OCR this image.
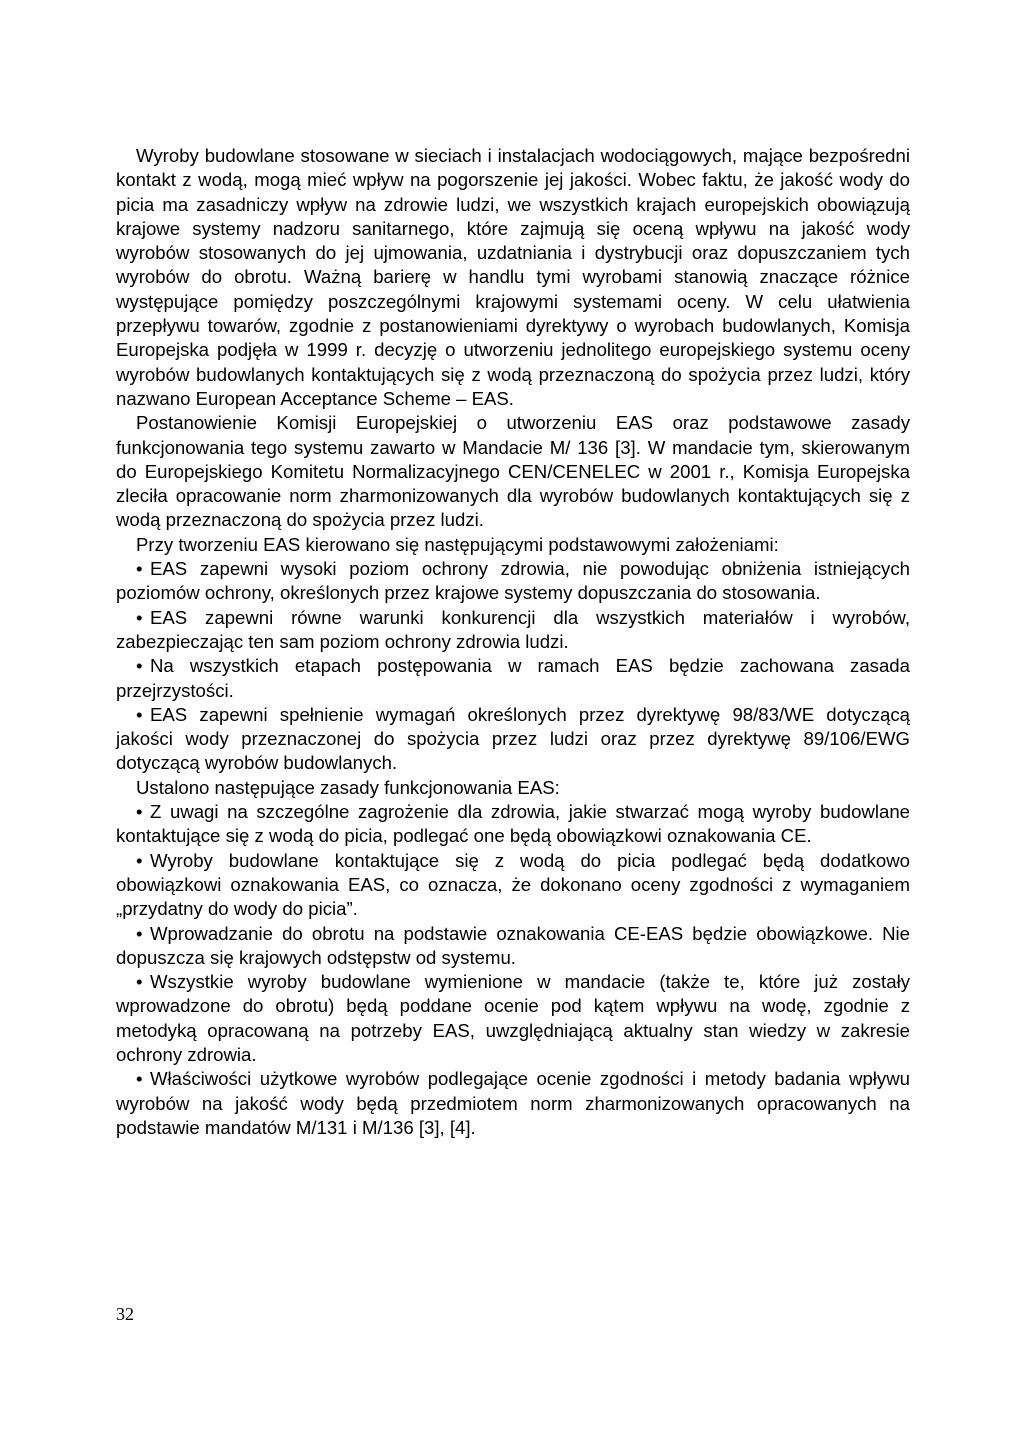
Wyroby budowlane stosowane w sieciach i instalacjach wodociągowych, mające bezpośredni kontakt z wodą, mogą mieć wpływ na pogorszenie jej jakości. Wobec faktu, że jakość wody do picia ma zasadniczy wpływ na zdrowie ludzi, we wszystkich krajach europejskich obowiązują krajowe systemy nadzoru sanitarnego, które zajmują się oceną wpływu na jakość wody wyrobów stosowanych do jej ujmowania, uzdatniania i dystrybucji oraz dopuszczaniem tych wyrobów do obrotu. Ważną barierę w handlu tymi wyrobami stanowią znaczące różnice występujące pomiędzy poszczególnymi krajowymi systemami oceny. W celu ułatwienia przepływu towarów, zgodnie z postanowieniami dyrektywy o wyrobach budowlanych, Komisja Europejska podjęła w 1999 r. decyzję o utworzeniu jednolitego europejskiego systemu oceny wyrobów budowlanych kontaktujących się z wodą przeznaczoną do spożycia przez ludzi, który nazwano European Acceptance Scheme – EAS.

Postanowienie Komisji Europejskiej o utworzeniu EAS oraz podstawowe zasady funkcjonowania tego systemu zawarto w Mandacie M/ 136 [3]. W mandacie tym, skierowanym do Europejskiego Komitetu Normalizacyjnego CEN/CENELEC w 2001 r., Komisja Europejska zleciła opracowanie norm zharmonizowanych dla wyrobów budowlanych kontaktujących się z wodą przeznaczoną do spożycia przez ludzi.

Przy tworzeniu EAS kierowano się następującymi podstawowymi założeniami:

• EAS zapewni wysoki poziom ochrony zdrowia, nie powodując obniżenia istniejących poziomów ochrony, określonych przez krajowe systemy dopuszczania do stosowania.

• EAS zapewni równe warunki konkurencji dla wszystkich materiałów i wyrobów, zabezpieczając ten sam poziom ochrony zdrowia ludzi.

• Na wszystkich etapach postępowania w ramach EAS będzie zachowana zasada przejrzystości.

• EAS zapewni spełnienie wymagań określonych przez dyrektywę 98/83/WE dotyczącą jakości wody przeznaczonej do spożycia przez ludzi oraz przez dyrektywę 89/106/EWG dotyczącą wyrobów budowlanych.

Ustalono następujące zasady funkcjonowania EAS:

• Z uwagi na szczególne zagrożenie dla zdrowia, jakie stwarzać mogą wyroby budowlane kontaktujące się z wodą do picia, podlegać one będą obowiązkowi oznakowania CE.

• Wyroby budowlane kontaktujące się z wodą do picia podlegać będą dodatkowo obowiązkowi oznakowania EAS, co oznacza, że dokonano oceny zgodności z wymaganiem „przydatny do wody do picia”.

• Wprowadzanie do obrotu na podstawie oznakowania CE-EAS będzie obowiązkowe. Nie dopuszcza się krajowych odstępstw od systemu.

• Wszystkie wyroby budowlane wymienione w mandacie (także te, które już zostały wprowadzone do obrotu) będą poddane ocenie pod kątem wpływu na wodę, zgodnie z metodyką opracowaną na potrzeby EAS, uwzględniającą aktualny stan wiedzy w zakresie ochrony zdrowia.

• Właściwości użytkowe wyrobów podlegające ocenie zgodności i metody badania wpływu wyrobów na jakość wody będą przedmiotem norm zharmonizowanych opracowanych na podstawie mandatów M/131 i M/136 [3], [4].

32
